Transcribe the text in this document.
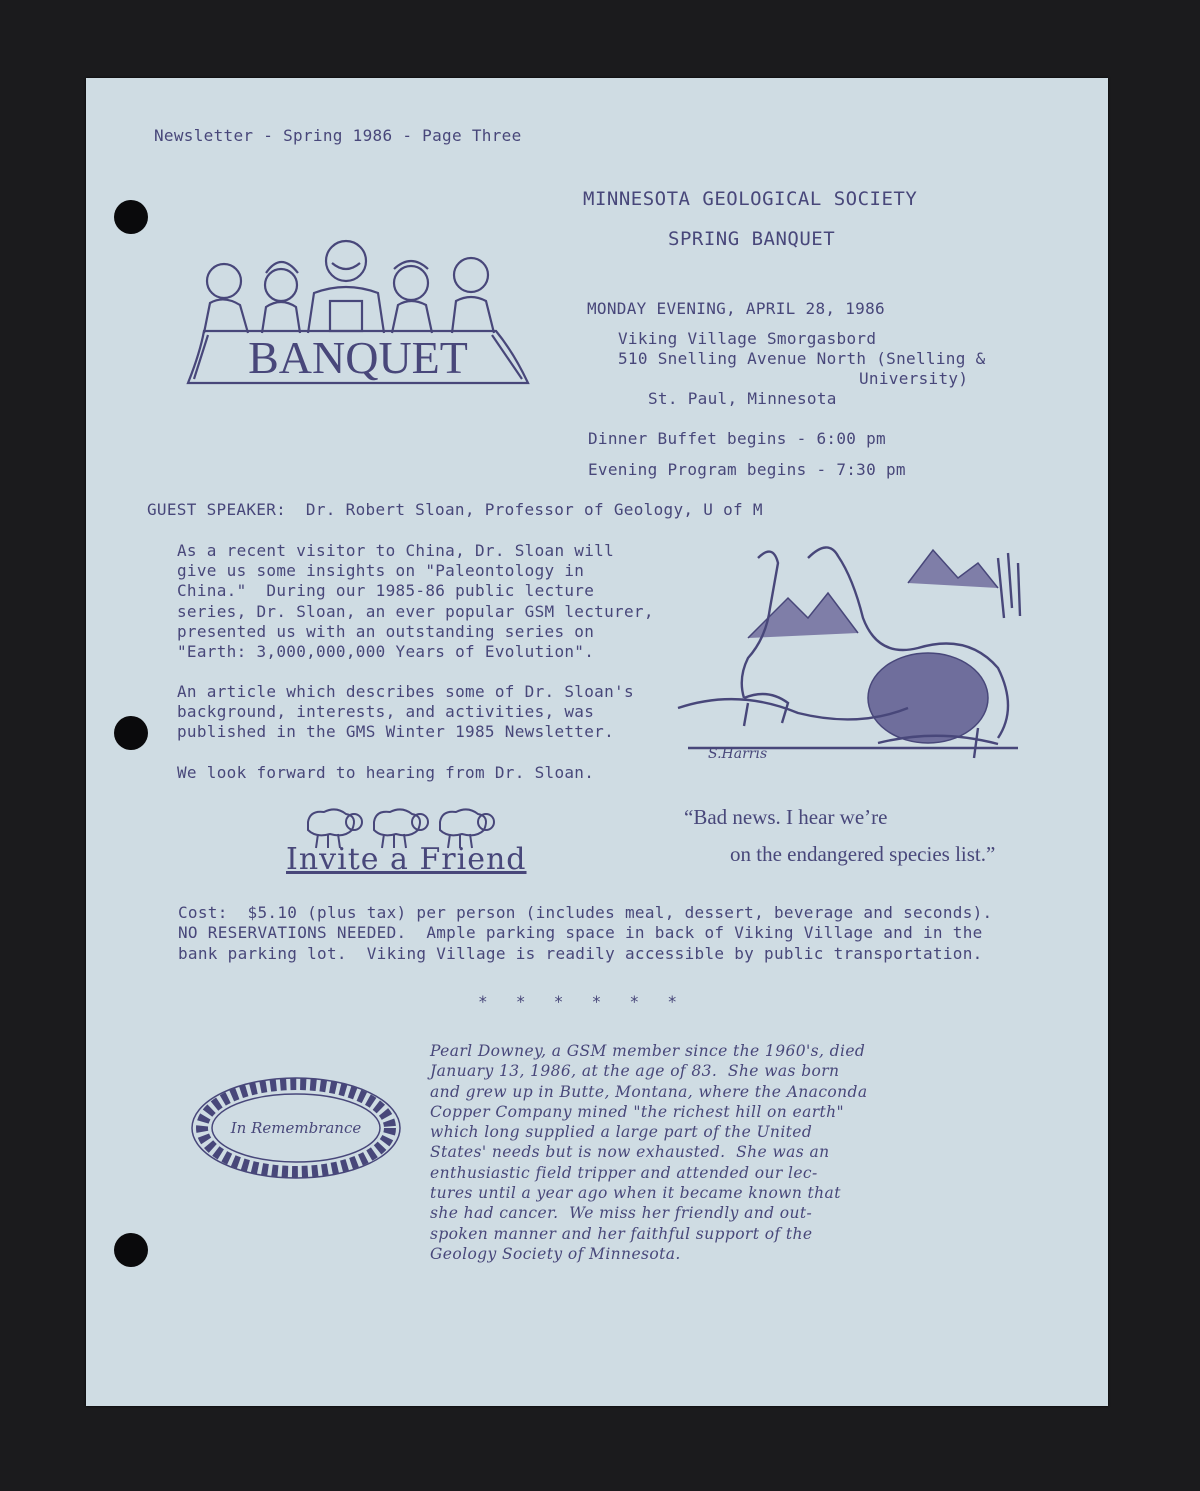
Newsletter - Spring 1986 - Page Three
BANQUET
MINNESOTA GEOLOGICAL SOCIETY
SPRING BANQUET
MONDAY EVENING, APRIL 28, 1986
Viking Village Smorgasbord
510 Snelling Avenue North (Snelling &
University)
St. Paul, Minnesota
Dinner Buffet begins - 6:00 pm
Evening Program begins - 7:30 pm
GUEST SPEAKER:  Dr. Robert Sloan, Professor of Geology, U of M
As a recent visitor to China, Dr. Sloan will
give us some insights on "Paleontology in
China."  During our 1985-86 public lecture
series, Dr. Sloan, an ever popular GSM lecturer,
presented us with an outstanding series on
"Earth: 3,000,000,000 Years of Evolution".
An article which describes some of Dr. Sloan's
background, interests, and activities, was
published in the GMS Winter 1985 Newsletter.
We look forward to hearing from Dr. Sloan.
S.Harris
“Bad news. I hear we’re
on the endangered species list.”
Invite a Friend
Cost:  $5.10 (plus tax) per person (includes meal, dessert, beverage and seconds).
NO RESERVATIONS NEEDED.  Ample parking space in back of Viking Village and in the
bank parking lot.  Viking Village is readily accessible by public transportation.
* * * * * *
In Remembrance
Pearl Downey, a GSM member since the 1960's, died
January 13, 1986, at the age of 83.  She was born
and grew up in Butte, Montana, where the Anaconda
Copper Company mined "the richest hill on earth"
which long supplied a large part of the United
States' needs but is now exhausted.  She was an
enthusiastic field tripper and attended our lec-
tures until a year ago when it became known that
she had cancer.  We miss her friendly and out-
spoken manner and her faithful support of the
Geology Society of Minnesota.
